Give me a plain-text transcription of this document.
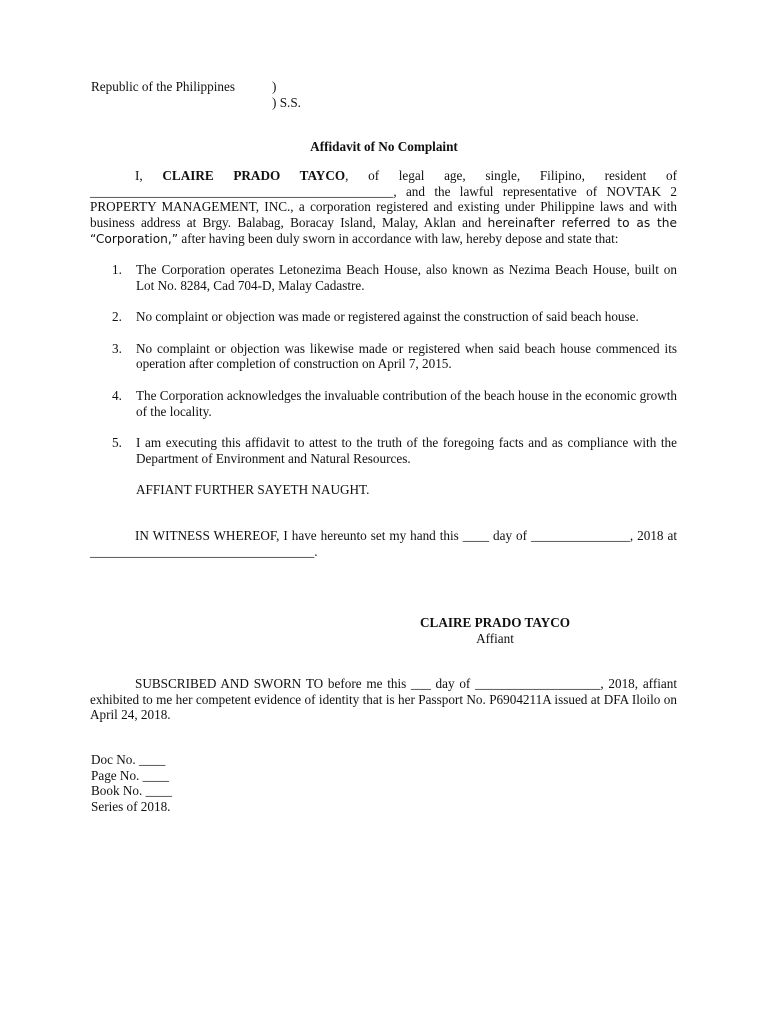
Republic of the Philippines	)
) S.S.
Affidavit of No Complaint

I, CLAIRE PRADO TAYCO, of legal age, single, Filipino, resident of ______________________________________________, and the lawful representative of NOVTAK 2 PROPERTY MANAGEMENT, INC., a corporation registered and existing under Philippine laws and with business address at Brgy. Balabag, Boracay Island, Malay, Aklan and hereinafter referred to as the “Corporation,” after having been duly sworn in accordance with law, hereby depose and state that:

1. The Corporation operates Letonezima Beach House, also known as Nezima Beach House, built on Lot No. 8284, Cad 704-D, Malay Cadastre.
2. No complaint or objection was made or registered against the construction of said beach house.
3. No complaint or objection was likewise made or registered when said beach house commenced its operation after completion of construction on April 7, 2015.
4. The Corporation acknowledges the invaluable contribution of the beach house in the economic growth of the locality.
5. I am executing this affidavit to attest to the truth of the foregoing facts and as compliance with the Department of Environment and Natural Resources.

AFFIANT FURTHER SAYETH NAUGHT.

IN WITNESS WHEREOF, I have hereunto set my hand this ____ day of _______________, 2018 at __________________________________.

CLAIRE PRADO TAYCO
Affiant

SUBSCRIBED AND SWORN TO before me this ___ day of ___________________, 2018, affiant exhibited to me her competent evidence of identity that is her Passport No. P6904211A issued at DFA Iloilo on April 24, 2018.

Doc No. ____
Page No. ____
Book No. ____
Series of 2018.
